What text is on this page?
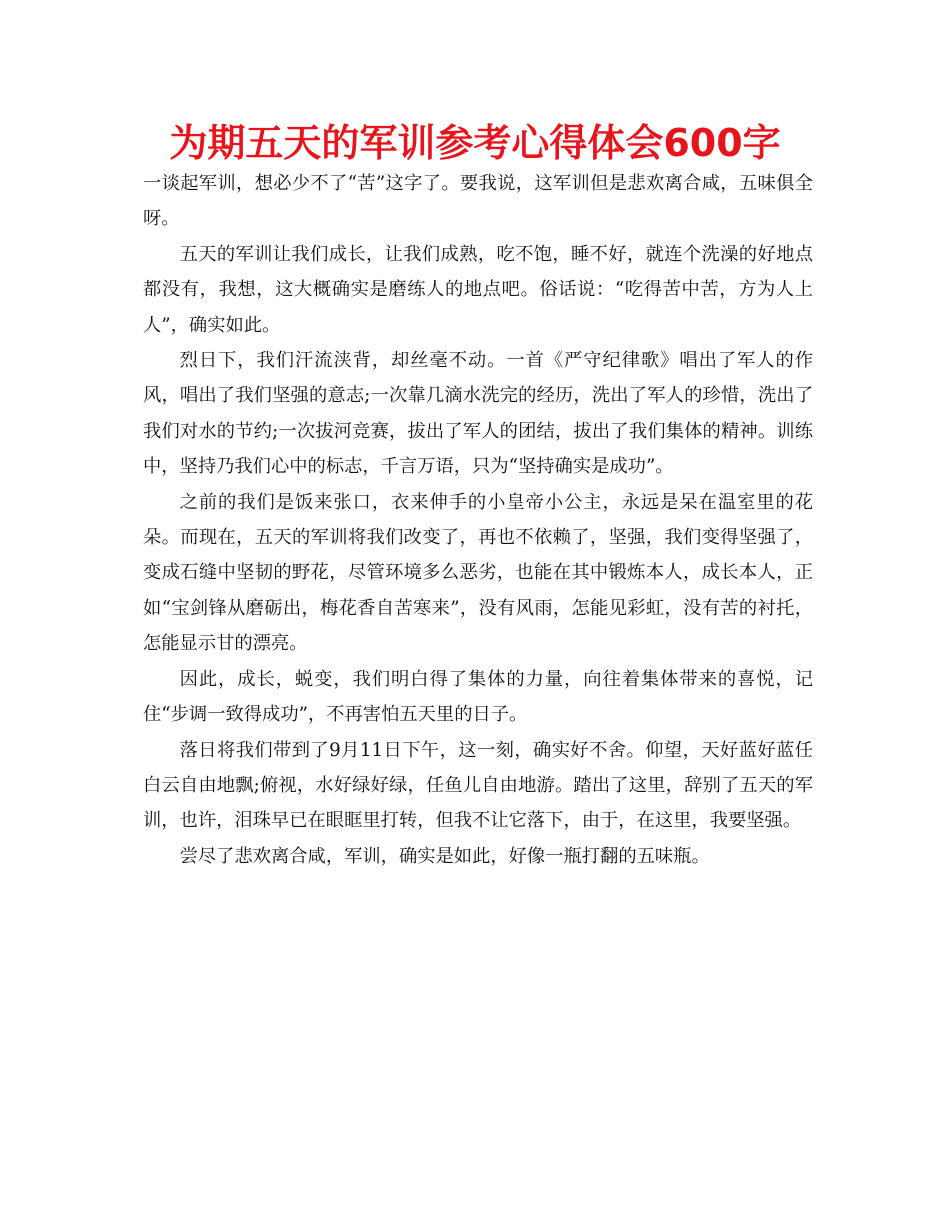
为期五天的军训参考心得体会600字

一谈起军训，想必少不了“苦”这字了。要我说，这军训但是悲欢离合咸，五味俱全呀。

五天的军训让我们成长，让我们成熟，吃不饱，睡不好，就连个洗澡的好地点都没有，我想，这大概确实是磨练人的地点吧。俗话说：“吃得苦中苦，方为人上人”，确实如此。

烈日下，我们汗流浃背，却丝毫不动。一首《严守纪律歌》唱出了军人的作风，唱出了我们坚强的意志;一次靠几滴水洗完的经历，洗出了军人的珍惜，洗出了我们对水的节约;一次拔河竞赛，拔出了军人的团结，拔出了我们集体的精神。训练中，坚持乃我们心中的标志，千言万语，只为“坚持确实是成功”。

之前的我们是饭来张口，衣来伸手的小皇帝小公主，永远是呆在温室里的花朵。而现在，五天的军训将我们改变了，再也不依赖了，坚强，我们变得坚强了，变成石缝中坚韧的野花，尽管环境多么恶劣，也能在其中锻炼本人，成长本人，正如“宝剑锋从磨砺出，梅花香自苦寒来”，没有风雨，怎能见彩虹，没有苦的衬托，怎能显示甘的漂亮。

因此，成长，蜕变，我们明白得了集体的力量，向往着集体带来的喜悦，记住“步调一致得成功”，不再害怕五天里的日子。

落日将我们带到了9月11日下午，这一刻，确实好不舍。仰望，天好蓝好蓝任白云自由地飘;俯视，水好绿好绿，任鱼儿自由地游。踏出了这里，辞别了五天的军训，也许，泪珠早已在眼眶里打转，但我不让它落下，由于，在这里，我要坚强。

尝尽了悲欢离合咸，军训，确实是如此，好像一瓶打翻的五味瓶。
